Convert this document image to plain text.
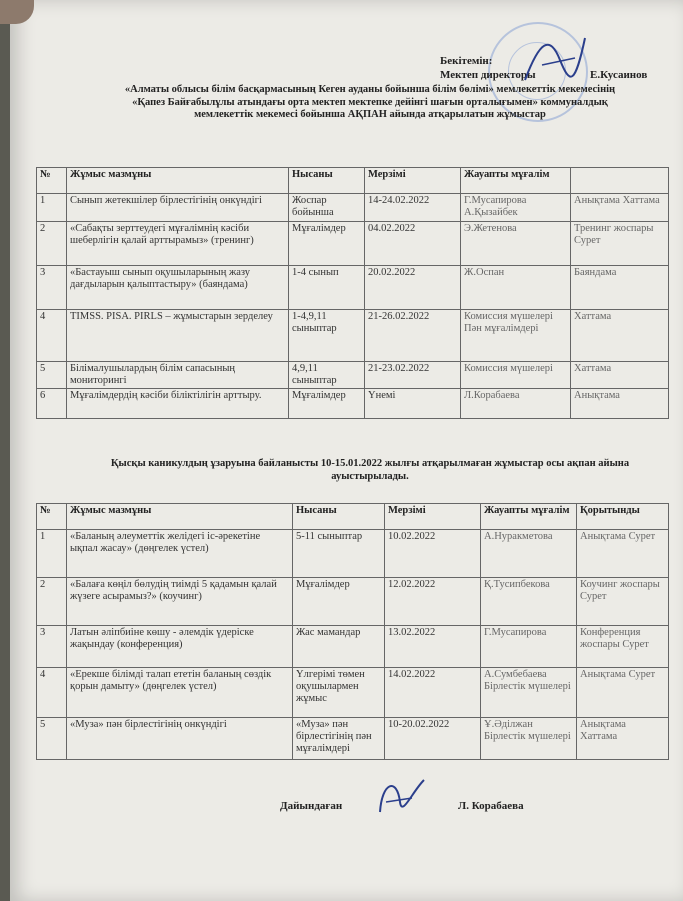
Бекітемін:
Мектеп директоры	Е.Кусаинов
«Алматы облысы білім басқармасының Кеген ауданы бойынша білім бөлімі» мемлекеттік мекемесінің «Қапез Байғабылұлы атындағы орта мектеп мектепке дейінгі шағын орталығымен» коммуналдық мемлекеттік мекемесі бойынша АҚПАН айында атқарылатын жұмыстар
№	Жұмыс мазмұны	Нысаны	Мерзімі	Жауапты мұғалім	
1	Сынып жетекшілер бірлестігінің онкүндігі	Жоспар бойынша	14-24.02.2022	Г.Мусапирова А.Қызайбек	Анықтама Хаттама
2	«Сабақты зерттеудегі мұғалімнің кәсіби шеберлігін қалай арттырамыз» (тренинг)	Мұғалімдер	04.02.2022	Э.Жетенова	Тренинг жоспары Сурет
3	«Бастауыш сынып оқушыларының жазу дағдыларын қалыптастыру» (баяндама)	1-4 сынып	20.02.2022	Ж.Оспан	Баяндама
4	TIMSS. PISA. PIRLS – жұмыстарын зерделеу	1-4,9,11 сыныптар	21-26.02.2022	Комиссия мүшелері Пән мұғалімдері	Хаттама
5	Білімалушылардың білім сапасының мониторингі	4,9,11 сыныптар	21-23.02.2022	Комиссия мүшелері	Хаттама
6	Мұғалімдердің кәсіби біліктілігін арттыру.	Мұғалімдер	Үнемі	Л.Корабаева	Анықтама
Қысқы каникулдың ұзаруына байланысты 10-15.01.2022 жылғы атқарылмаған жұмыстар осы ақпан айына ауыстырылады.
№	Жұмыс мазмұны	Нысаны	Мерзімі	Жауапты мұғалім	Қорытынды
1	«Баланың әлеуметтік желідегі іс-әрекетіне ықпал жасау» (дөңгелек үстел)	5-11 сыныптар	10.02.2022	А.Нуракметова	Анықтама Сурет
2	«Балаға көңіл бөлудің тиімді 5 қадамын қалай жүзеге асырамыз?» (коучинг)	Мұғалімдер	12.02.2022	Қ.Тусипбекова	Коучинг жоспары Сурет
3	Латын әліпбиіне көшу - әлемдік үдеріске жақындау (конференция)	Жас мамандар	13.02.2022	Г.Мусапирова	Конференция жоспары Сурет
4	«Ерекше білімді талап ететін баланың сөздік қорын дамыту» (дөңгелек үстел)	Үлгерімі төмен оқушылармен жұмыс	14.02.2022	А.Сумбебаева Бірлестік мүшелері	Анықтама Сурет
5	«Муза» пән бірлестігінің онкүндігі	«Муза» пән бірлестігінің пән мұғалімдері	10-20.02.2022	Ұ.Әділжан Бірлестік мүшелері	Анықтама Хаттама
Дайындаған	Л. Корабаева
